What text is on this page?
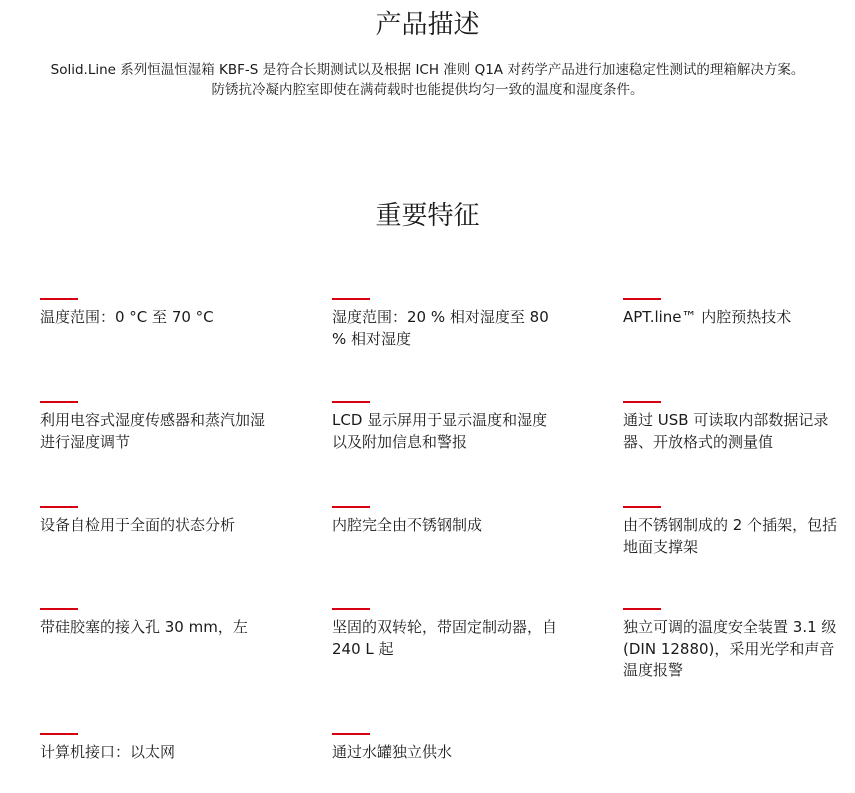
产品描述

Solid.Line 系列恒温恒湿箱 KBF-S 是符合长期测试以及根据 ICH 准则 Q1A 对药学产品进行加速稳定性测试的理箱解决方案。防锈抗冷凝内腔室即使在满荷载时也能提供均匀一致的温度和湿度条件。

重要特征

温度范围：0 °C 至 70 °C	湿度范围：20 % 相对湿度至 80 % 相对湿度

APT.line™ 内腔预热技术

利用电容式湿度传感器和蒸汽加湿进行湿度调节

LCD 显示屏用于显示温度和湿度以及附加信息和警报

通过 USB 可读取内部数据记录器、开放格式的测量值

设备自检用于全面的状态分析	内腔完全由不锈钢制成	由不锈钢制成的 2 个插架，包括地面支撑架

带硅胶塞的接入孔 30 mm，左	坚固的双转轮，带固定制动器，自 240 L 起

独立可调的温度安全装置 3.1 级 (DIN 12880)，采用光学和声音温度报警

计算机接口：以太网	通过水罐独立供水
